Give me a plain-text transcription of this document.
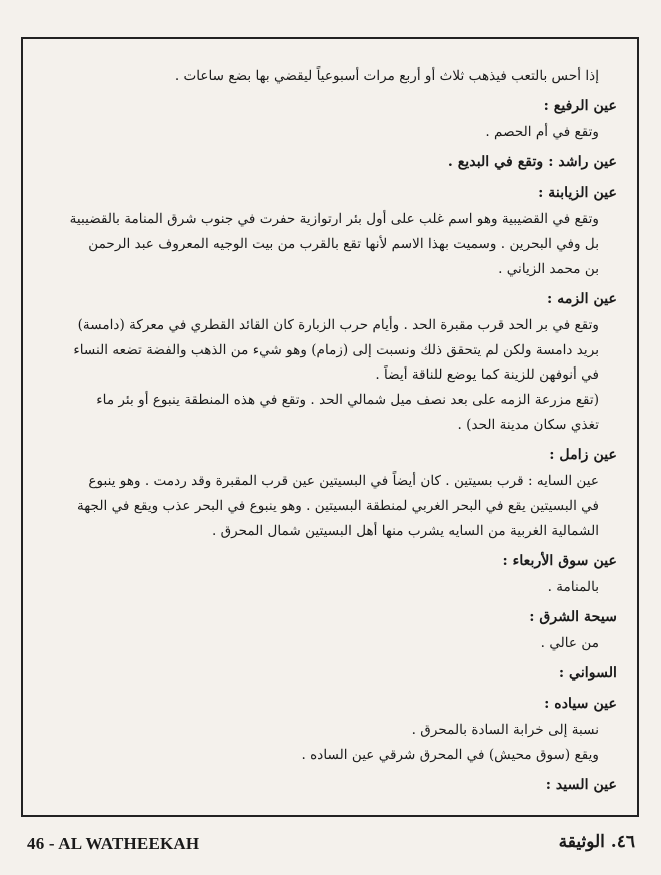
إذا أحس بالتعب فيذهب ثلاث أو أربع مرات أسبوعياً ليقضي بها بضع ساعات .
عين الرفيع :
وتقع في أم الحصم .
عين راشد : وتقع في البديع .
عين الزيابنة :
وتقع في القضيبية وهو اسم غلب على أول بئر ارتوازية حفرت في جنوب شرق المنامة بالقضيبية
بل وفي البحرين . وسميت بهذا الاسم لأنها تقع بالقرب من بيت الوجيه المعروف عبد الرحمن
بن محمد الزياني .
عين الزمه :
وتقع في بر الحد قرب مقبرة الحد . وأيام حرب الزبارة كان القائد القطري في معركة (دامسة)
بريد دامسة ولكن لم يتحقق ذلك ونسبت إلى (زمام) وهو شيء من الذهب والفضة تضعه النساء
في أنوفهن للزينة كما يوضع للناقة أيضاً .
(تقع مزرعة الزمه على بعد نصف ميل شمالي الحد . وتقع في هذه المنطقة ينبوع أو بئر ماء
تغذي سكان مدينة الحد) .
عين زامل :
عين السايه : قرب بسيتين . كان أيضاً في البسيتين عين قرب المقبرة وقد ردمت . وهو ينبوع
في البسيتين يقع في البحر الغربي لمنطقة البسيتين . وهو ينبوع في البحر عذب ويقع في الجهة
الشمالية الغربية من السايه يشرب منها أهل البسيتين شمال المحرق .
عين سوق الأربعاء :
بالمنامة .
سيحة الشرق :
من عالي .
السواني :
عين سياده :
نسبة إلى خرابة السادة بالمحرق .
ويقع (سوق محيش) في المحرق شرقي عين الساده .
عين السيد :
46 - AL WATHEEKAH	٤٦. الوثيقة
